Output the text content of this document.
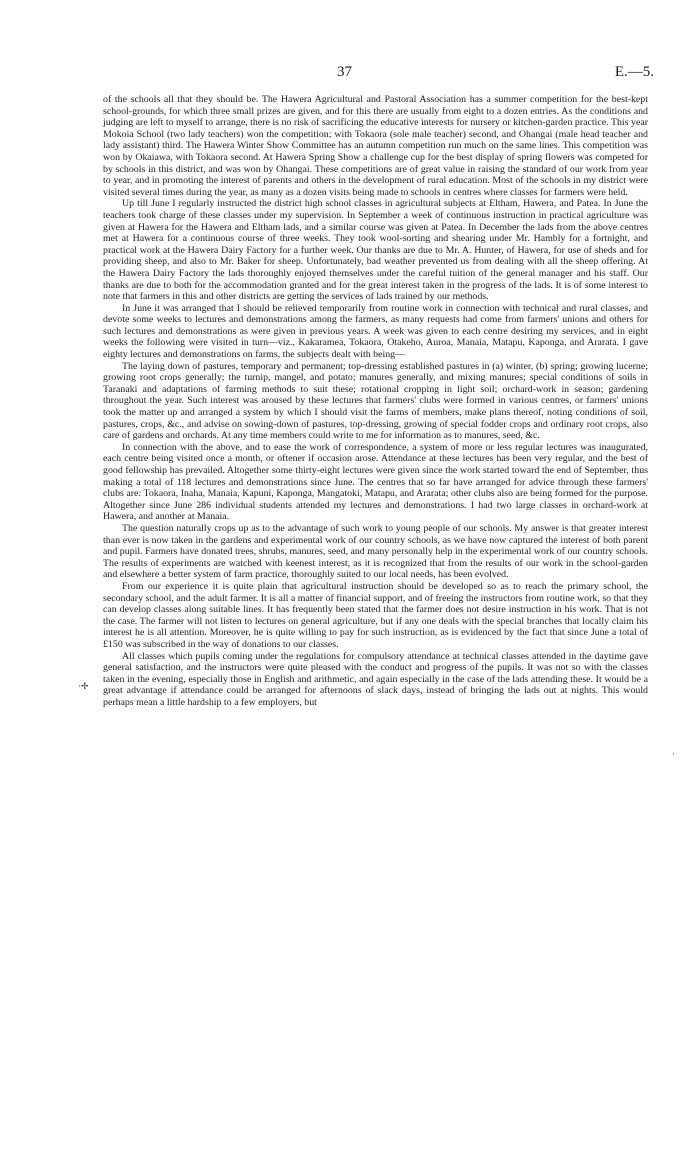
37	E.—5.

of the schools all that they should be. The Hawera Agricultural and Pastoral Association has a summer competition for the best-kept school-grounds, for which three small prizes are given, and for this there are usually from eight to a dozen entries. As the conditions and judging are left to myself to arrange, there is no risk of sacrificing the educative interests for nursery or kitchen-garden practice. This year Mokoia School (two lady teachers) won the competition; with Tokaora (sole male teacher) second, and Ohangai (male head teacher and lady assistant) third. The Hawera Winter Show Committee has an autumn competition run much on the same lines. This competition was won by Okaiawa, with Tokaora second. At Hawera Spring Show a challenge cup for the best display of spring flowers was competed for by schools in this district, and was won by Ohangai. These competitions are of great value in raising the standard of our work from year to year, and in promoting the interest of parents and others in the development of rural education. Most of the schools in my district were visited several times during the year, as many as a dozen visits being made to schools in centres where classes for farmers were held.

Up till June I regularly instructed the district high school classes in agricultural subjects at Eltham, Hawera, and Patea. In June the teachers took charge of these classes under my supervision. In September a week of continuous instruction in practical agriculture was given at Hawera for the Hawera and Eltham lads, and a similar course was given at Patea. In December the lads from the above centres met at Hawera for a continuous course of three weeks. They took wool-sorting and shearing under Mr. Hambly for a fortnight, and practical work at the Hawera Dairy Factory for a further week. Our thanks are due to Mr. A. Hunter, of Hawera, for use of sheds and for providing sheep, and also to Mr. Baker for sheep. Unfortunately, bad weather prevented us from dealing with all the sheep offering. At the Hawera Dairy Factory the lads thoroughly enjoyed themselves under the careful tuition of the general manager and his staff. Our thanks are due to both for the accommodation granted and for the great interest taken in the progress of the lads. It is of some interest to note that farmers in this and other districts are getting the services of lads trained by our methods.

In June it was arranged that I should be relieved temporarily from routine work in connection with technical and rural classes, and devote some weeks to lectures and demonstrations among the farmers, as many requests had come from farmers' unions and others for such lectures and demonstrations as were given in previous years. A week was given to each centre desiring my services, and in eight weeks the following were visited in turn—viz., Kakaramea, Tokaora, Otakeho, Auroa, Manaia, Matapu, Kaponga, and Ararata. I gave eighty lectures and demonstrations on farms, the subjects dealt with being—

The laying down of pastures, temporary and permanent; top-dressing established pastures in (a) winter, (b) spring; growing lucerne; growing root crops generally; the turnip, mangel, and potato; manures generally, and mixing manures; special conditions of soils in Taranaki and adaptations of farming methods to suit these; rotational cropping in light soil; orchard-work in season; gardening throughout the year. Such interest was aroused by these lectures that farmers' clubs were formed in various centres, or farmers' unions took the matter up and arranged a system by which I should visit the farms of members, make plans thereof, noting conditions of soil, pastures, crops, &c., and advise on sowing-down of pastures, top-dressing, growing of special fodder crops and ordinary root crops, also care of gardens and orchards. At any time members could write to me for information as to manures, seed, &c.

In connection with the above, and to ease the work of correspondence, a system of more or less regular lectures was inaugurated, each centre being visited once a month, or oftener if occasion arose. Attendance at these lectures has been very regular, and the best of good fellowship has prevailed. Altogether some thirty-eight lectures were given since the work started toward the end of September, thus making a total of 118 lectures and demonstrations since June. The centres that so far have arranged for advice through these farmers' clubs are: Tokaora, Inaha, Manaia, Kapuni, Kaponga, Mangatoki, Matapu, and Ararata; other clubs also are being formed for the purpose. Altogether since June 286 individual students attended my lectures and demonstrations. I had two large classes in orchard-work at Hawera, and another at Manaia.

The question naturally crops up as to the advantage of such work to young people of our schools. My answer is that greater interest than ever is now taken in the gardens and experimental work of our country schools, as we have now captured the interest of both parent and pupil. Farmers have donated trees, shrubs, manures, seed, and many personally help in the experimental work of our country schools. The results of experiments are watched with keenest interest, as it is recognized that from the results of our work in the school-garden and elsewhere a better system of farm practice, thoroughly suited to our local needs, has been evolved.

From our experience it is quite plain that agricultural instruction should be developed so as to reach the primary school, the secondary school, and the adult farmer. It is all a matter of financial support, and of freeing the instructors from routine work, so that they can develop classes along suitable lines. It has frequently been stated that the farmer does not desire instruction in his work. That is not the case. The farmer will not listen to lectures on general agriculture, but if any one deals with the special branches that locally claim his interest he is all attention. Moreover, he is quite willing to pay for such instruction, as is evidenced by the fact that since June a total of £150 was subscribed in the way of donations to our classes.

All classes which pupils coming under the regulations for compulsory attendance at technical classes attended in the daytime gave general satisfaction, and the instructors were quite pleased with the conduct and progress of the pupils. It was not so with the classes taken in the evening, especially those in English and arithmetic, and again especially in the case of the lads attending these. It would be a great advantage if attendance could be arranged for afternoons of slack days, instead of bringing the lads out at nights. This would perhaps mean a little hardship to a few employers, but

·✢
·
